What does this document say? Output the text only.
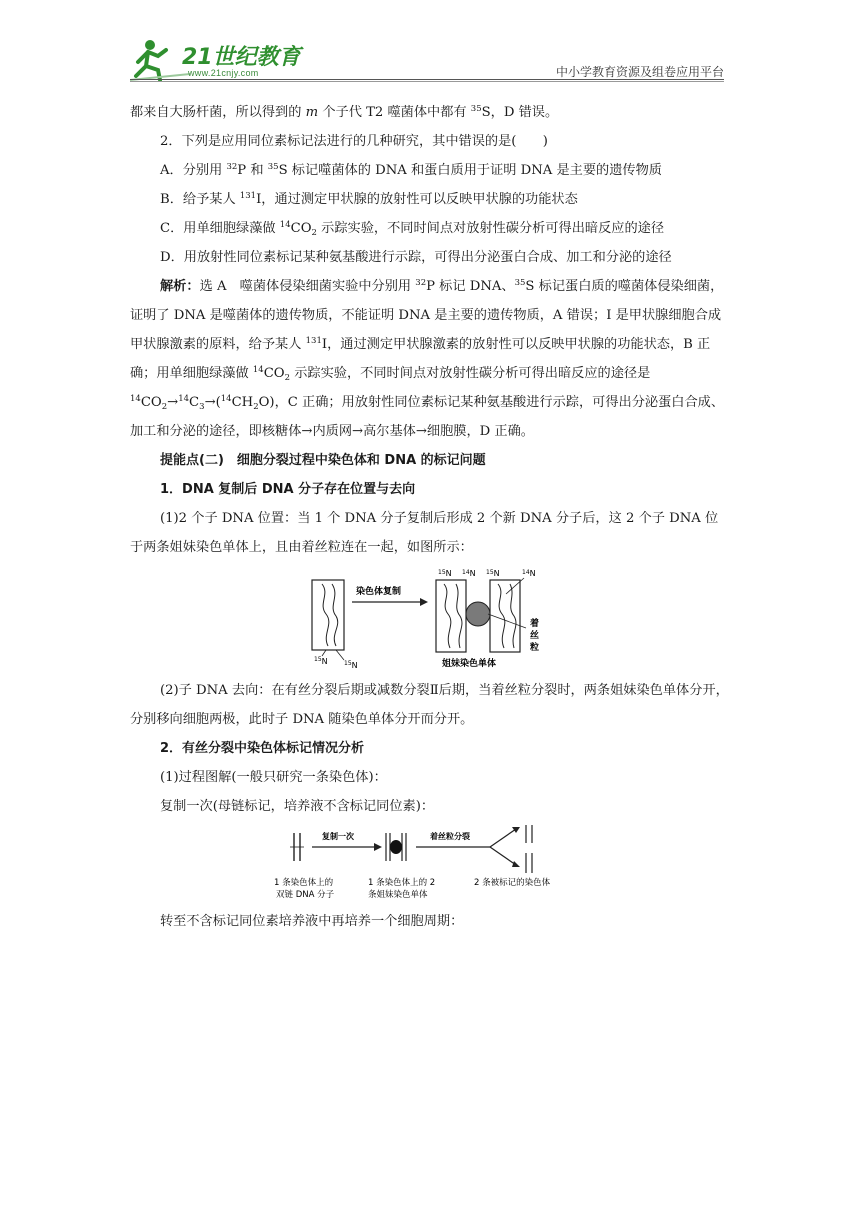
21世纪教育
www.21cnjy.com	中小学教育资源及组卷应用平台

都来自大肠杆菌，所以得到的 m 个子代 T2 噬菌体中都有 $^{35}$S，D 错误。

2．下列是应用同位素标记法进行的几种研究，其中错误的是(　　)

A．分别用 $^{32}$P 和 $^{35}$S 标记噬菌体的 DNA 和蛋白质用于证明 DNA 是主要的遗传物质

B．给予某人 $^{131}$I，通过测定甲状腺的放射性可以反映甲状腺的功能状态

C．用单细胞绿藻做 $^{14}CO_2$ 示踪实验，不同时间点对放射性碳分析可得出暗反应的途径

D．用放射性同位素标记某种氨基酸进行示踪，可得出分泌蛋白合成、加工和分泌的途径

解析：选 A　噬菌体侵染细菌实验中分别用 $^{32}$P 标记 DNA、$^{35}$S 标记蛋白质的噬菌体侵染细菌，证明了 DNA 是噬菌体的遗传物质，不能证明 DNA 是主要的遗传物质，A 错误；I 是甲状腺细胞合成甲状腺激素的原料，给予某人 $^{131}$I，通过测定甲状腺激素的放射性可以反映甲状腺的功能状态，B 正确；用单细胞绿藻做 $^{14}CO_2$ 示踪实验，不同时间点对放射性碳分析可得出暗反应的途径是 $^{14}CO_2\to^{14}C_3\to(^{14}CH_2O)$，C 正确；用放射性同位素标记某种氨基酸进行示踪，可得出分泌蛋白合成、加工和分泌的途径，即核糖体→内质网→高尔基体→细胞膜，D 正确。

提能点(二)　细胞分裂过程中染色体和 DNA 的标记问题

1．DNA 复制后 DNA 分子存在位置与去向

(1)2 个子 DNA 位置：当 1 个 DNA 分子复制后形成 2 个新 DNA 分子后，这 2 个子 DNA 位于两条姐妹染色单体上，且由着丝粒连在一起，如图所示：

$^{15}$N	$^{15}$N
染色体复制
$^{15}$N $^{14}$N $^{15}$N	$^{14}$N
着
丝
粒
姐妹染色单体

(2)子 DNA 去向：在有丝分裂后期或减数分裂Ⅱ后期，当着丝粒分裂时，两条姐妹染色单体分开，分别移向细胞两极，此时子 DNA 随染色单体分开而分开。

2．有丝分裂中染色体标记情况分析

(1)过程图解(一般只研究一条染色体)：

复制一次(母链标记，培养液不含标记同位素)：

复制一次	着丝粒分裂
1 条染色体上的
双链 DNA 分子
1 条染色体上的 2
条姐妹染色单体
2 条被标记的染色体

转至不含标记同位素培养液中再培养一个细胞周期：
